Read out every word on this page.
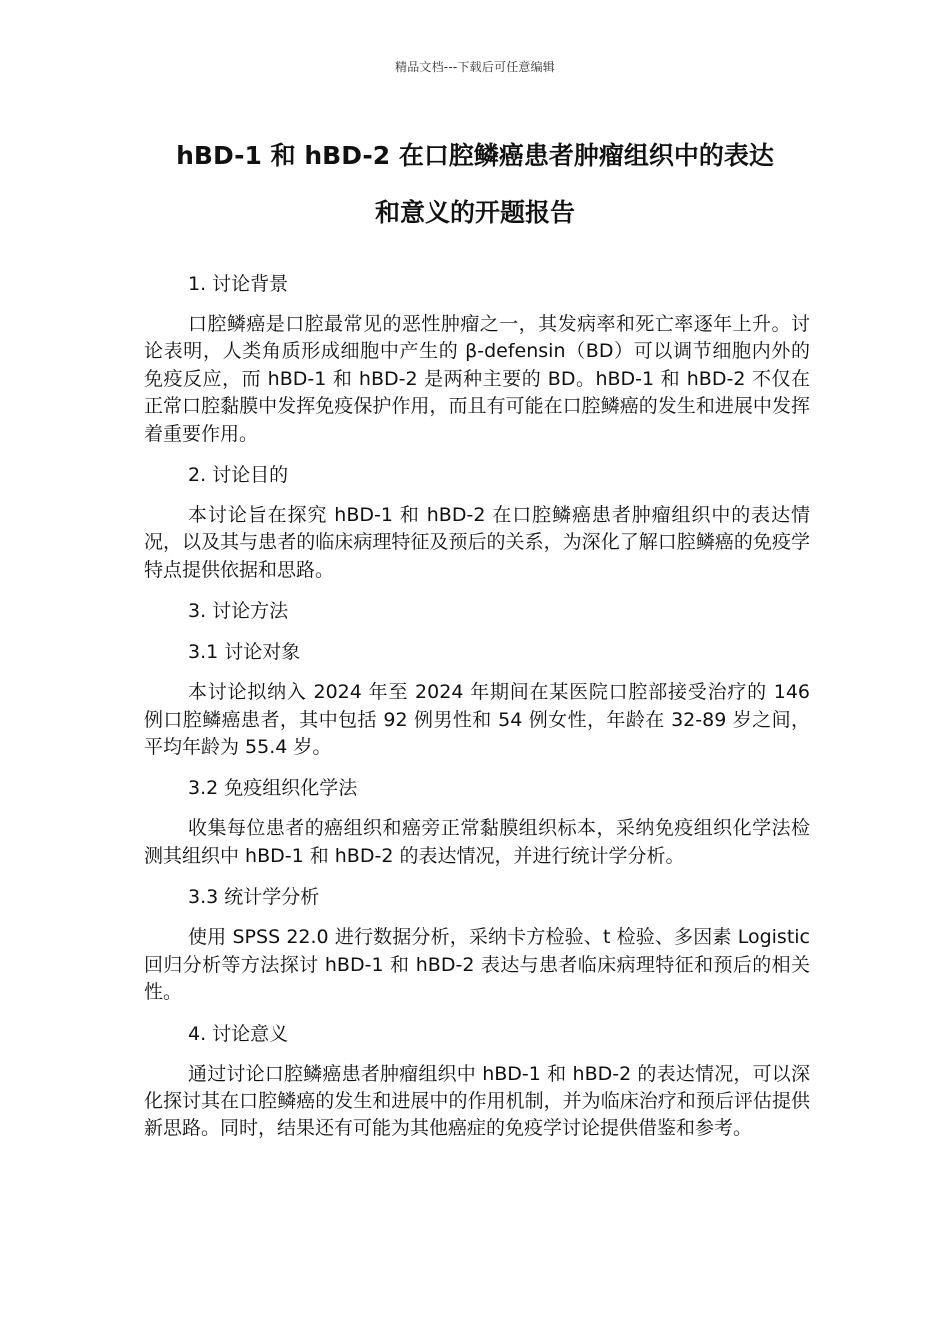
精品文档---下载后可任意编辑
hBD-1 和 hBD-2 在口腔鳞癌患者肿瘤组织中的表达
和意义的开题报告
1. 讨论背景
口腔鳞癌是口腔最常见的恶性肿瘤之一，其发病率和死亡率逐年上升。讨论表明，人类角质形成细胞中产生的 β-defensin（BD）可以调节细胞内外的免疫反应，而 hBD-1 和 hBD-2 是两种主要的 BD。hBD-1 和 hBD-2 不仅在正常口腔黏膜中发挥免疫保护作用，而且有可能在口腔鳞癌的发生和进展中发挥着重要作用。
2. 讨论目的
本讨论旨在探究 hBD-1 和 hBD-2 在口腔鳞癌患者肿瘤组织中的表达情况，以及其与患者的临床病理特征及预后的关系，为深化了解口腔鳞癌的免疫学特点提供依据和思路。
3. 讨论方法
3.1 讨论对象
本讨论拟纳入 2024 年至 2024 年期间在某医院口腔部接受治疗的 146 例口腔鳞癌患者，其中包括 92 例男性和 54 例女性，年龄在 32-89 岁之间，平均年龄为 55.4 岁。
3.2 免疫组织化学法
收集每位患者的癌组织和癌旁正常黏膜组织标本，采纳免疫组织化学法检测其组织中 hBD-1 和 hBD-2 的表达情况，并进行统计学分析。
3.3 统计学分析
使用 SPSS 22.0 进行数据分析，采纳卡方检验、t 检验、多因素 Logistic 回归分析等方法探讨 hBD-1 和 hBD-2 表达与患者临床病理特征和预后的相关性。
4. 讨论意义
通过讨论口腔鳞癌患者肿瘤组织中 hBD-1 和 hBD-2 的表达情况，可以深化探讨其在口腔鳞癌的发生和进展中的作用机制，并为临床治疗和预后评估提供新思路。同时，结果还有可能为其他癌症的免疫学讨论提供借鉴和参考。
